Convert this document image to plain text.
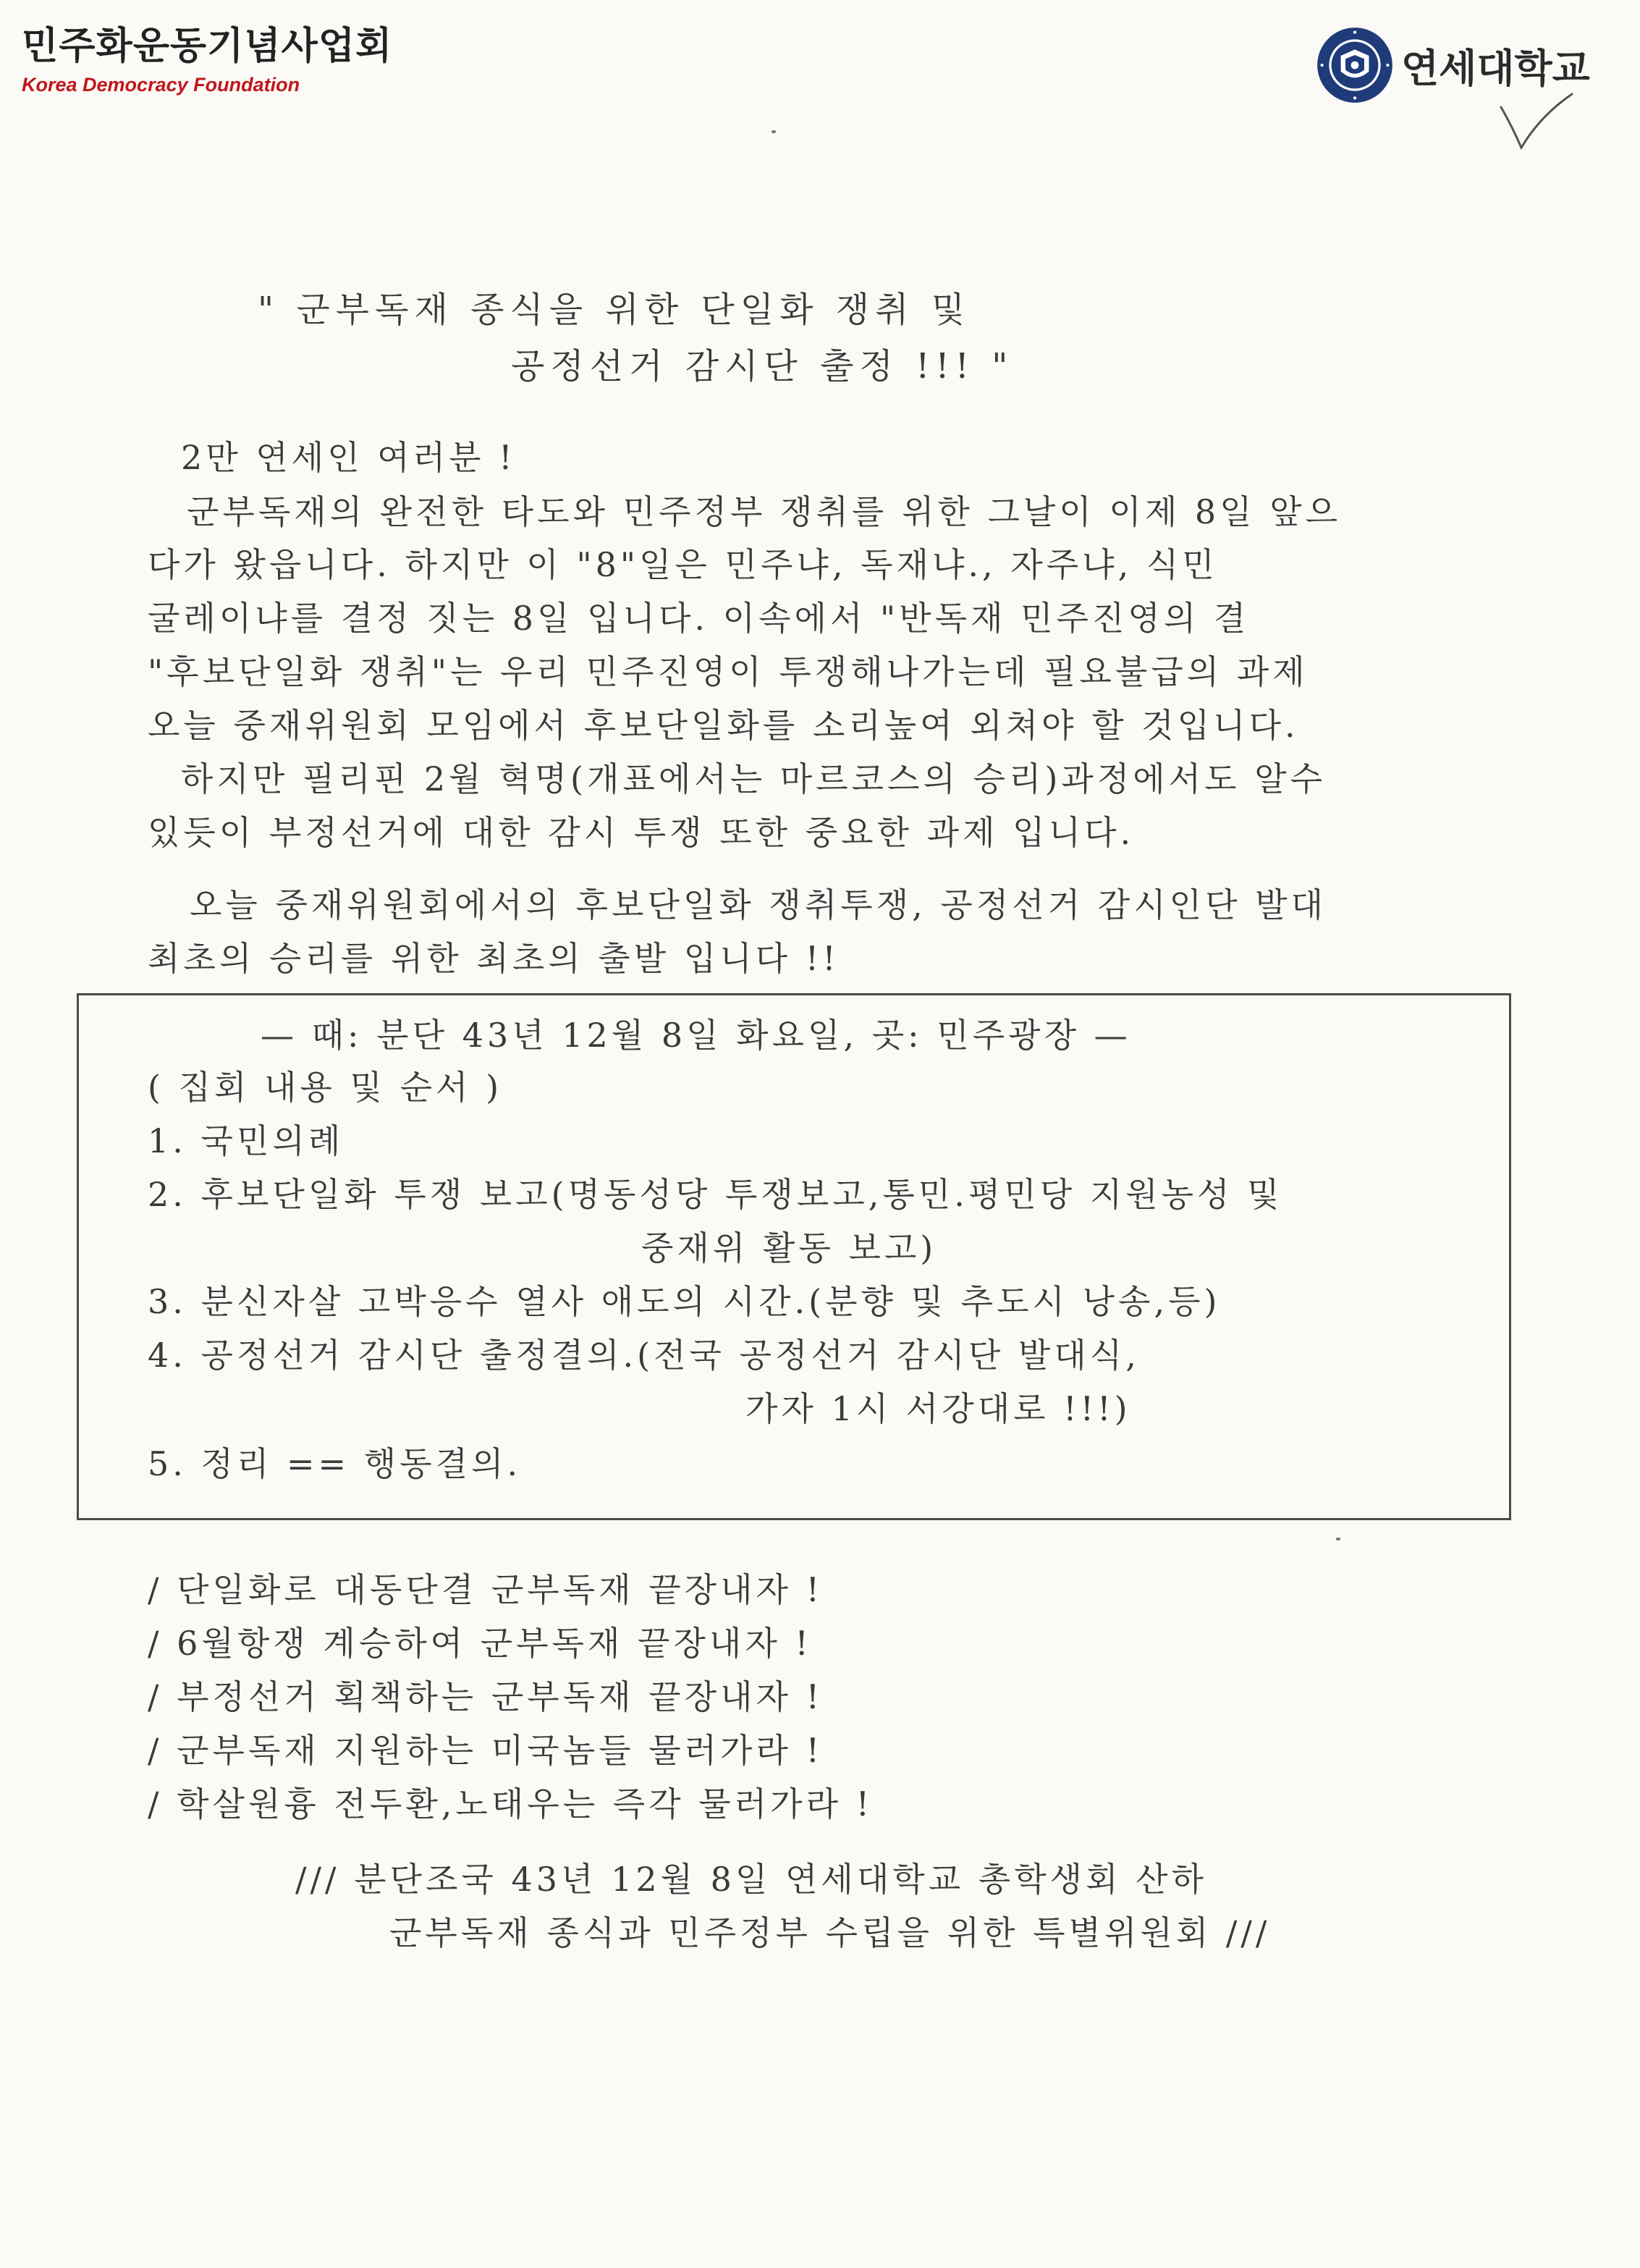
민주화운동기념사업회
Korea Democracy Foundation	연세대학교
" 군부독재 종식을 위한 단일화 쟁취 및
공정선거 감시단 출정 !!! "
2만 연세인 여러분 !
군부독재의 완전한 타도와 민주정부 쟁취를 위한 그날이 이제 8일 앞으
다가 왔읍니다. 하지만 이 "8"일은 민주냐, 독재냐., 자주냐, 식민
굴레이냐를 결정 짓는 8일 입니다. 이속에서 "반독재 민주진영의 결
"후보단일화 쟁취"는 우리 민주진영이 투쟁해나가는데 필요불급의 과제
오늘 중재위원회 모임에서 후보단일화를 소리높여 외쳐야 할 것입니다.
하지만 필리핀 2월 혁명(개표에서는 마르코스의 승리)과정에서도 알수
있듯이 부정선거에 대한 감시 투쟁 또한 중요한 과제 입니다.
오늘 중재위원회에서의 후보단일화 쟁취투쟁, 공정선거 감시인단 발대
최초의 승리를 위한 최초의 출발 입니다 !!
— 때: 분단 43년 12월 8일 화요일, 곳: 민주광장 —
( 집회 내용 및 순서 )
1. 국민의례
2. 후보단일화 투쟁 보고(명동성당 투쟁보고,통민.평민당 지원농성 및
중재위 활동 보고)
3. 분신자살 고박응수 열사 애도의 시간.(분향 및 추도시 낭송,등)
4. 공정선거 감시단 출정결의.(전국 공정선거 감시단 발대식,
가자 1시 서강대로 !!!)
5. 정리 == 행동결의.
/ 단일화로 대동단결 군부독재 끝장내자 !
/ 6월항쟁 계승하여 군부독재 끝장내자 !
/ 부정선거 획책하는 군부독재 끝장내자 !
/ 군부독재 지원하는 미국놈들 물러가라 !
/ 학살원흉 전두환,노태우는 즉각 물러가라 !
/// 분단조국 43년 12월 8일 연세대학교 총학생회 산하
군부독재 종식과 민주정부 수립을 위한 특별위원회 ///
